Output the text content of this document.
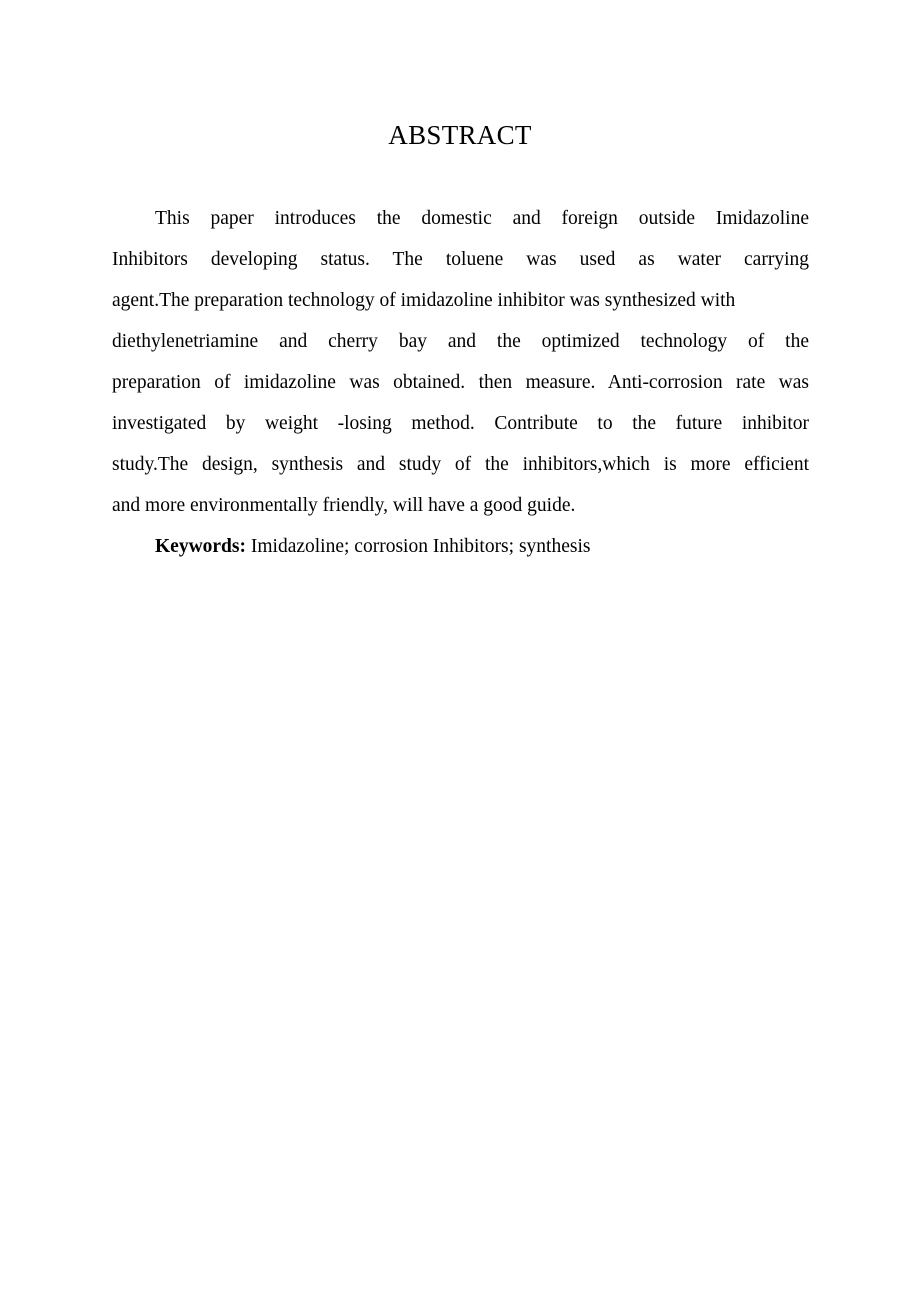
ABSTRACT
This paper introduces the domestic and foreign outside Imidazoline
Inhibitors developing status. The toluene was used as water carrying
agent.The preparation technology of imidazoline inhibitor was synthesized with
diethylenetriamine and cherry bay and the optimized technology of the
preparation of imidazoline was obtained. then measure. Anti-corrosion rate was
investigated by weight -losing method. Contribute to the future inhibitor
study.The design, synthesis and study of the inhibitors,which is more efficient
and more environmentally friendly, will have a good guide.
Keywords: Imidazoline; corrosion Inhibitors; synthesis
